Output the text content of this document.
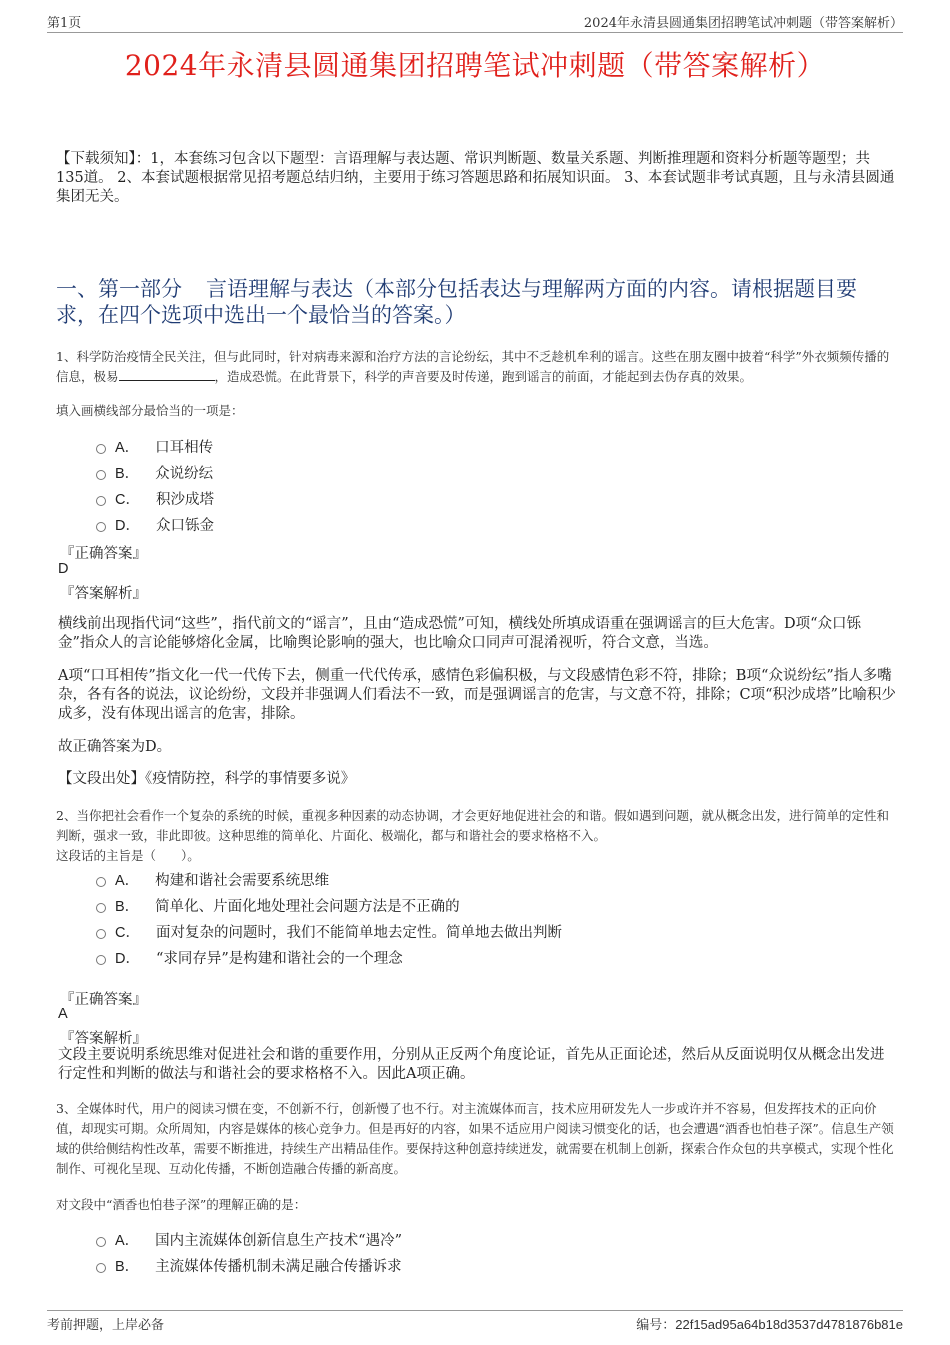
第1页	2024年永清县圆通集团招聘笔试冲刺题（带答案解析）
2024年永清县圆通集团招聘笔试冲刺题（带答案解析）
【下载须知】：1，本套练习包含以下题型：言语理解与表达题、常识判断题、数量关系题、判断推理题和资料分析题等题型；共135道。 2、本套试题根据常见招考题总结归纳，主要用于练习答题思路和拓展知识面。 3、本套试题非考试真题，且与永清县圆通集团无关。
一、第一部分 言语理解与表达（本部分包括表达与理解两方面的内容。请根据题目要求，在四个选项中选出一个最恰当的答案。）
1、科学防治疫情全民关注，但与此同时，针对病毒来源和治疗方法的言论纷纭，其中不乏趁机牟利的谣言。这些在朋友圈中披着“科学”外衣频频传播的信息，极易	，造成恐慌。在此背景下，科学的声音要及时传递，跑到谣言的前面，才能起到去伪存真的效果。
填入画横线部分最恰当的一项是：
A． 口耳相传
B． 众说纷纭
C． 积沙成塔
D． 众口铄金
『正确答案』
D
『答案解析』
横线前出现指代词“这些”，指代前文的“谣言”，且由“造成恐慌”可知，横线处所填成语重在强调谣言的巨大危害。D项“众口铄金”指众人的言论能够熔化金属，比喻舆论影响的强大，也比喻众口同声可混淆视听，符合文意，当选。
A项“口耳相传”指文化一代一代传下去，侧重一代代传承，感情色彩偏积极，与文段感情色彩不符，排除；B项“众说纷纭”指人多嘴杂，各有各的说法，议论纷纷，文段并非强调人们看法不一致，而是强调谣言的危害，与文意不符，排除；C项“积沙成塔”比喻积少成多，没有体现出谣言的危害，排除。
故正确答案为D。
【文段出处】《疫情防控，科学的事情要多说》
2、当你把社会看作一个复杂的系统的时候，重视多种因素的动态协调，才会更好地促进社会的和谐。假如遇到问题，就从概念出发，进行简单的定性和判断，强求一致，非此即彼。这种思维的简单化、片面化、极端化，都与和谐社会的要求格格不入。
这段话的主旨是（　　）。
A． 构建和谐社会需要系统思维
B． 简单化、片面化地处理社会问题方法是不正确的
C． 面对复杂的问题时，我们不能简单地去定性。简单地去做出判断
D． “求同存异”是构建和谐社会的一个理念
『正确答案』
A
『答案解析』
文段主要说明系统思维对促进社会和谐的重要作用，分别从正反两个角度论证，首先从正面论述，然后从反面说明仅从概念出发进行定性和判断的做法与和谐社会的要求格格不入。因此A项正确。
3、全媒体时代，用户的阅读习惯在变，不创新不行，创新慢了也不行。对主流媒体而言，技术应用研发先人一步或许并不容易，但发挥技术的正向价值，却现实可期。众所周知，内容是媒体的核心竞争力。但是再好的内容，如果不适应用户阅读习惯变化的话，也会遭遇“酒香也怕巷子深”。信息生产领域的供给侧结构性改革，需要不断推进，持续生产出精品佳作。要保持这种创意持续迸发，就需要在机制上创新，探索合作众包的共享模式，实现个性化制作、可视化呈现、互动化传播，不断创造融合传播的新高度。
对文段中“酒香也怕巷子深”的理解正确的是：
A． 国内主流媒体创新信息生产技术“遇冷”
B． 主流媒体传播机制未满足融合传播诉求
考前押题，上岸必备	编号：22f15ad95a64b18d3537d4781876b81e
